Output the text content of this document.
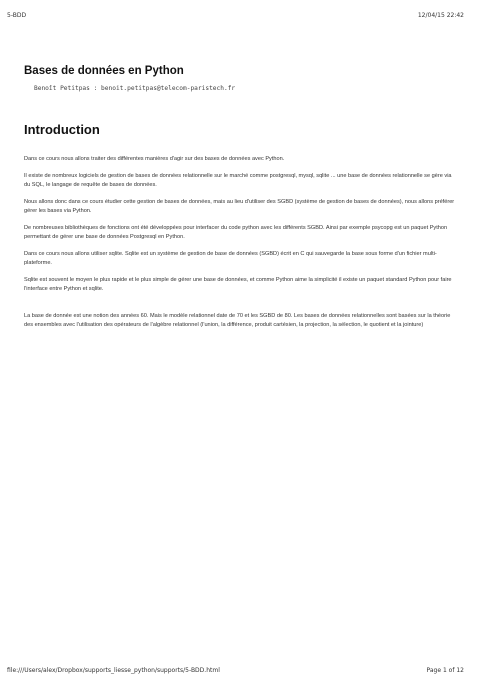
5-BDD	12/04/15 22:42
Bases de données en Python
Benoît Petitpas : benoit.petitpas@telecom-paristech.fr
Introduction

Dans ce cours nous allons traiter des différentes manières d'agir sur des bases de données avec Python.

Il existe de nombreux logiciels de gestion de bases de données relationnelle sur le marché comme postgresql, mysql, sqlite ... une base de données relationnelle se gère via du SQL, le langage de requête de bases de données.

Nous allons donc dans ce cours étudier cette gestion de bases de données, mais au lieu d'utiliser des SGBD (système de gestion de bases de données), nous allons préférer gérer les bases via Python.

De nombreuses bibliothèques de fonctions ont été développées pour interfacer du code python avec les différents SGBD. Ainsi par exemple psycopg est un paquet Python permettant de gérer une base de données Postgresql en Python.

Dans ce cours nous allons utiliser sqlite. Sqlite est un système de gestion de base de données (SGBD) écrit en C qui sauvegarde la base sous forme d'un fichier multi-plateforme.

Sqlite est souvent le moyen le plus rapide et le plus simple de gérer une base de données, et comme Python aime la simplicité il existe un paquet standard Python pour faire l'interface entre Python et sqlite.

La base de donnée est une notion des années 60. Mais le modèle relationnel date de 70 et les SGBD de 80. Les bases de données relationnelles sont basées sur la théorie des ensembles avec l'utilisation des opérateurs de l'algèbre relationnel (l'union, la différence, produit cartésien, la projection, la sélection, le quotient et la jointure)

file:///Users/alex/Dropbox/supports_liesse_python/supports/5-BDD.html	Page 1 of 12
